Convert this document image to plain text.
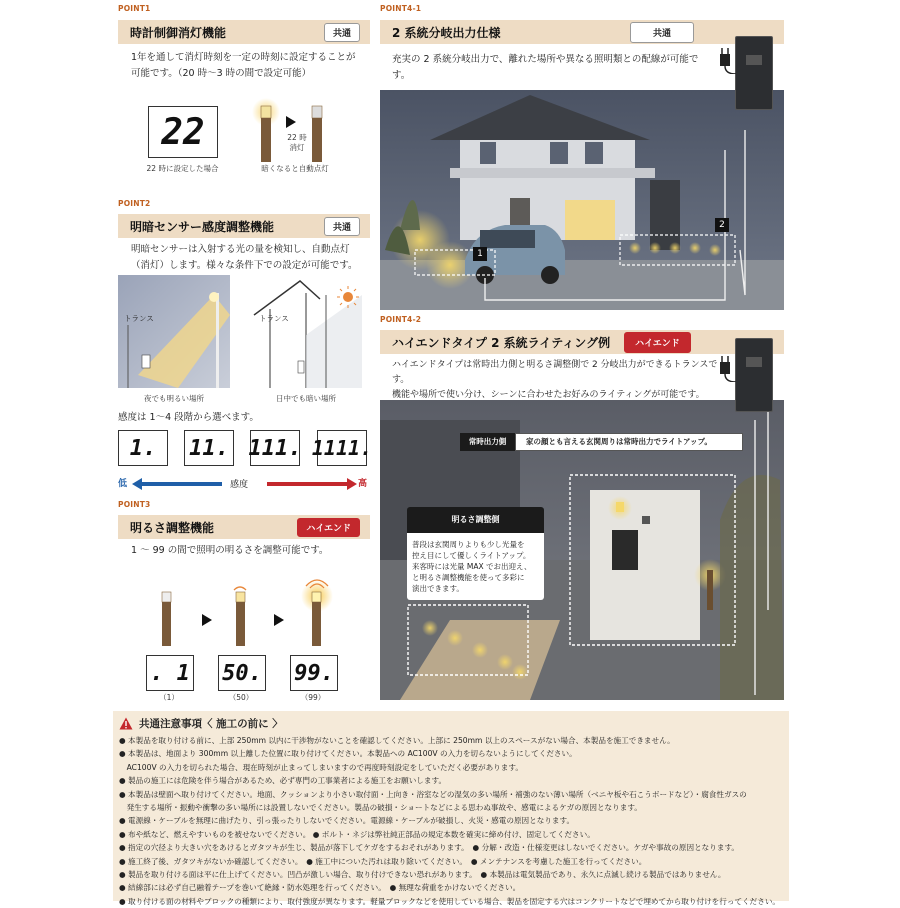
POINT1
時計制御消灯機能	共通
1年を通して消灯時刻を一定の時刻に設定することが
可能です。（20 時〜3 時の間で設定可能）
22
22 時に設定した場合
22 時
消灯
暗くなると自動点灯
POINT2
明暗センサー感度調整機能	共通
明暗センサーは入射する光の量を検知し、自動点灯
（消灯）します。様々な条件下での設定が可能です。
トランス
夜でも明るい場所
トランス
日中でも暗い場所
感度は 1〜4 段階から選べます。
1.	11. 111. 1111.
低	感度	高
POINT3
明るさ調整機能	ハイエンド
1 〜 99 の間で照明の明るさを調整可能です。
. 1 50. 99.
（1）	（50）	（99）
POINT4-1
2 系統分岐出力仕様	共通
充実の 2 系統分岐出力で、離れた場所や異なる照明類との配線が可能です。
1
2
POINT4-2
ハイエンドタイプ 2 系統ライティング例	ハイエンド
ハイエンドタイプは常時出力側と明るさ調整側で 2 分岐出力ができるトランスです。
機能や場所で使い分け、シーンに合わせたお好みのライティングが可能です。
常時出力側	家の顔とも言える玄関周りは常時出力でライトアップ。
明るさ調整側
普段は玄関周りよりも少し光量を
控え目にして優しくライトアップ。
来客時には光量 MAX でお出迎え、
と明るさ調整機能を使って多彩に
演出できます。
共通注意事項〈 施工の前に 〉
● 本製品を取り付ける前に、上部 250mm 以内に干渉物がないことを確認してください。上部に 250mm 以上のスペースがない場合、本製品を施工できません。
● 本製品は、地面より 300mm 以上離した位置に取り付けてください。本製品への AC100V の入力を切らないようにしてください。
　AC100V の入力を切られた場合、現在時刻が止まってしまいますので再度時刻設定をしていただく必要があります。
● 製品の施工には危険を伴う場合があるため、必ず専門の工事業者による施工をお願いします。
● 本製品は壁面へ取り付けてください。地面、クッションより小さい取付面・上向き・浴室などの湿気の多い場所・補強のない薄い場所（ベニヤ板や石こうボードなど）・腐食性ガスの
　発生する場所・振動や衝撃の多い場所には設置しないでください。製品の破損・ショートなどによる思わぬ事故や、感電によるケガの原因となります。
● 電源線・ケーブルを無理に曲げたり、引っ張ったりしないでください。電源線・ケーブルが破損し、火災・感電の原因となります。
● 布や紙など、燃えやすいものを被せないでください。 ● ボルト・ネジは弊社純正部品の規定本数を確実に締め付け、固定してください。
● 指定の穴径より大きい穴をあけるとガタツキが生じ、製品が落下してケガをするおそれがあります。　● 分解・改造・仕様変更はしないでください。ケガや事故の原因となります。
● 施工終了後、ガタツキがないか確認してください。　● 施工中についた汚れは取り除いてください。　● メンテナンスを考慮した施工を行ってください。
● 製品を取り付ける面は平に仕上げてください。凹凸が激しい場合、取り付けできない恐れがあります。　● 本製品は電気製品であり、永久に点滅し続ける製品ではありません。
● 結線部には必ず自己融着テープを巻いて絶縁・防水処理を行ってください。　● 無理な荷重をかけないでください。
● 取り付ける面の材料やブロックの種類により、取付強度が異なります。軽量ブロックなどを使用している場合、製品を固定する穴はコンクリートなどで埋めてから取り付けを行ってください。
